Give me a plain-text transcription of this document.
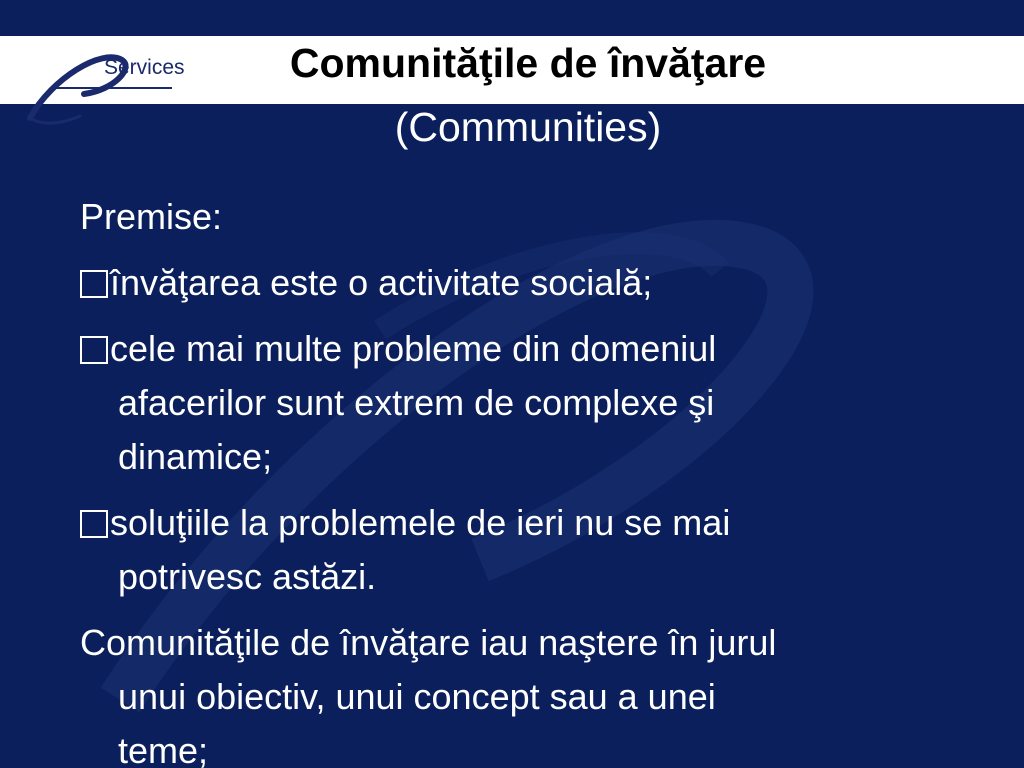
Services	Comunităţile de învăţare
(Communities)
Premise:
învăţarea este o activitate socială;
cele mai multe probleme din domeniul
afacerilor sunt extrem de complexe şi
dinamice;
soluţiile la problemele de ieri nu se mai
potrivesc astăzi.
Comunităţile de învăţare iau naştere în jurul
unui obiectiv, unui concept sau a unei
teme;
